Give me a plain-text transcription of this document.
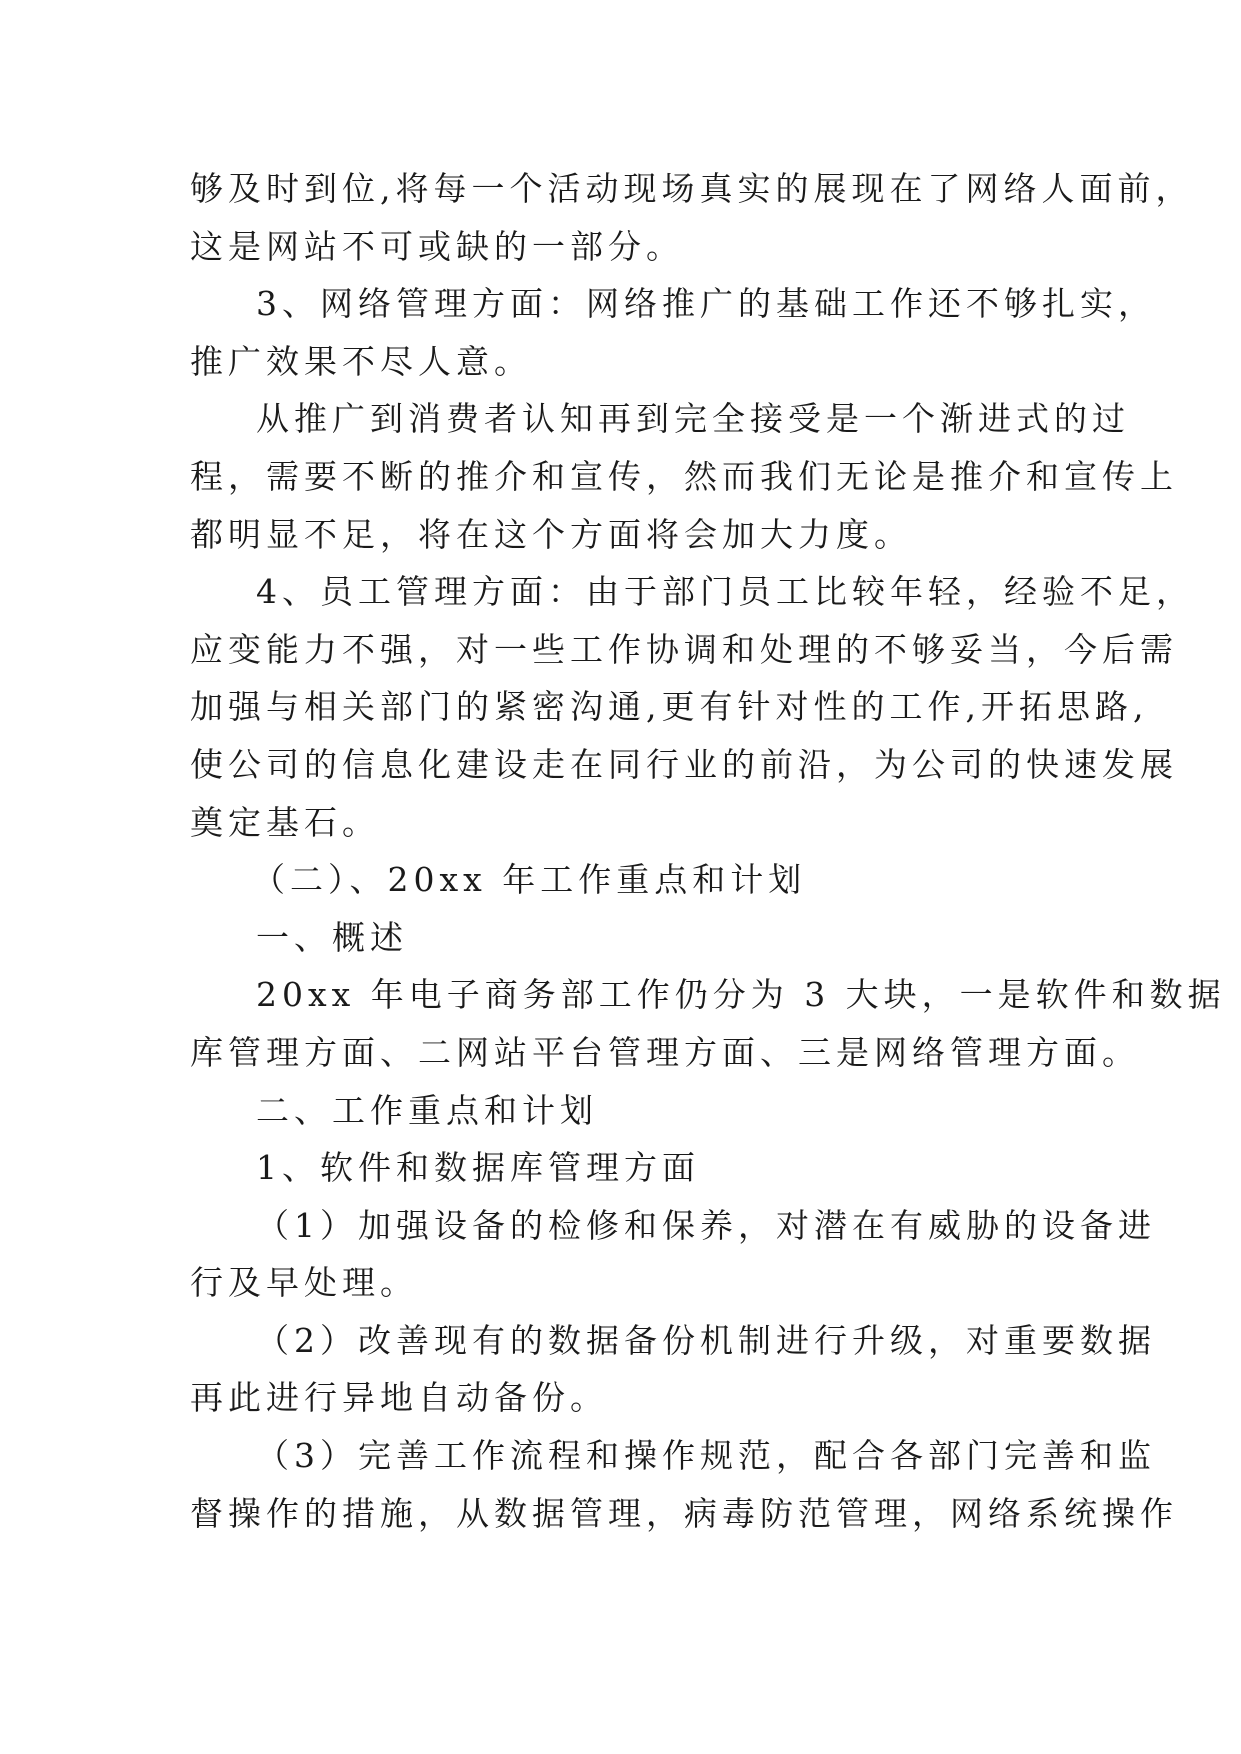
够及时到位,将每一个活动现场真实的展现在了网络人面前，

这是网站不可或缺的一部分。

3、网络管理方面：网络推广的基础工作还不够扎实，

推广效果不尽人意。

从推广到消费者认知再到完全接受是一个渐进式的过

程，需要不断的推介和宣传，然而我们无论是推介和宣传上

都明显不足，将在这个方面将会加大力度。

4、员工管理方面：由于部门员工比较年轻，经验不足，

应变能力不强，对一些工作协调和处理的不够妥当，今后需

加强与相关部门的紧密沟通,更有针对性的工作,开拓思路,

使公司的信息化建设走在同行业的前沿，为公司的快速发展

奠定基石。

（二）、20xx 年工作重点和计划

一、概述

20xx 年电子商务部工作仍分为 3 大块，一是软件和数据

库管理方面、二网站平台管理方面、三是网络管理方面。

二、工作重点和计划

1、软件和数据库管理方面

（1）加强设备的检修和保养，对潜在有威胁的设备进

行及早处理。

（2）改善现有的数据备份机制进行升级，对重要数据

再此进行异地自动备份。

（3）完善工作流程和操作规范，配合各部门完善和监

督操作的措施，从数据管理，病毒防范管理，网络系统操作
